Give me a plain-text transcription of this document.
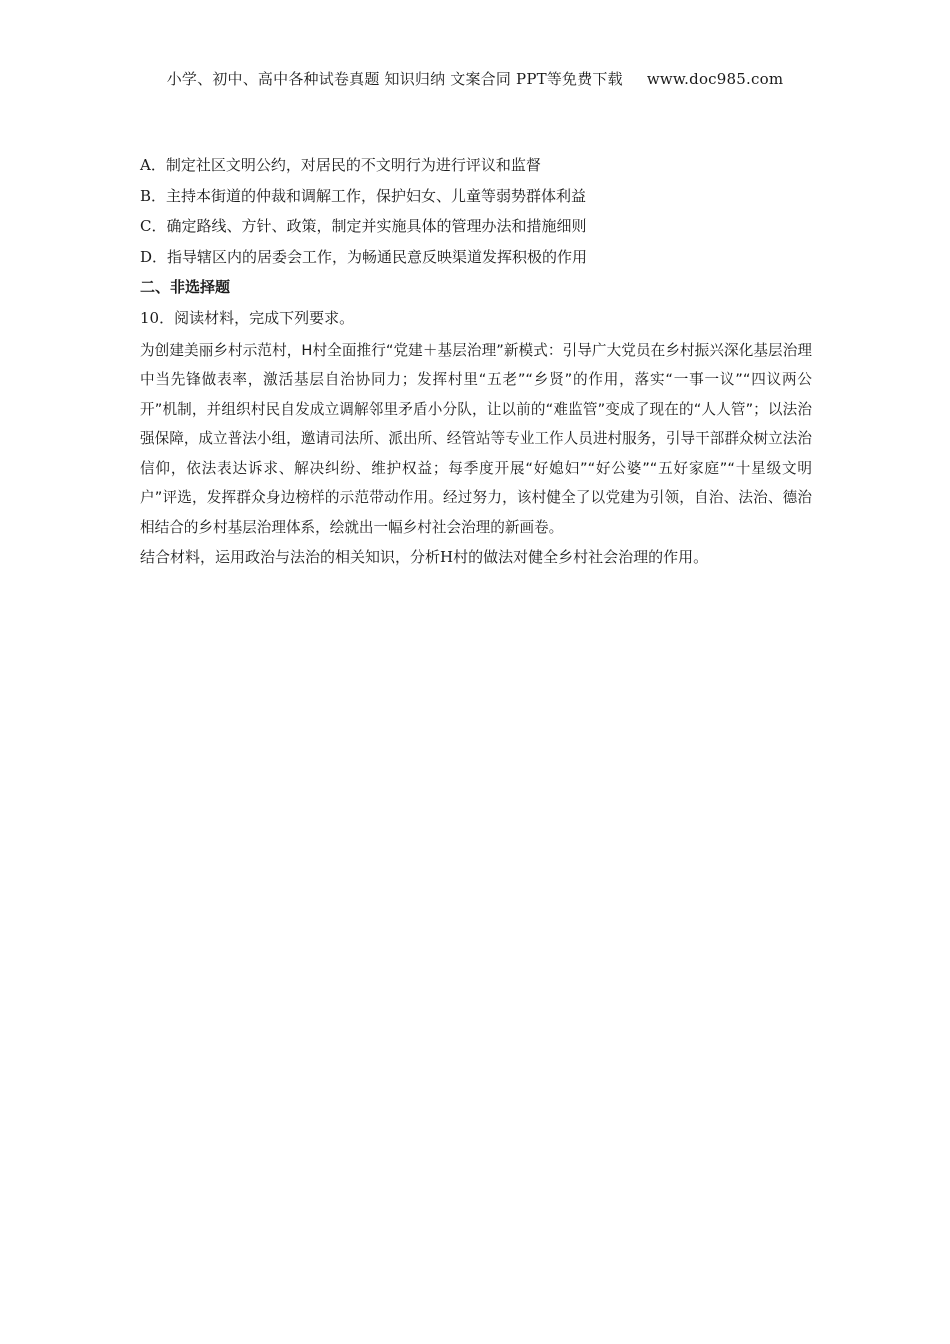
小学、初中、高中各种试卷真题 知识归纳 文案合同 PPT等免费下载 www.doc985.com
A．制定社区文明公约，对居民的不文明行为进行评议和监督
B．主持本街道的仲裁和调解工作，保护妇女、儿童等弱势群体利益
C．确定路线、方针、政策，制定并实施具体的管理办法和措施细则
D．指导辖区内的居委会工作，为畅通民意反映渠道发挥积极的作用
二、非选择题
10．阅读材料，完成下列要求。
为创建美丽乡村示范村，H村全面推行“党建＋基层治理”新模式：引导广大党员在乡村振兴深化基层治理中当先锋做表率，激活基层自治协同力；发挥村里“五老”“乡贤”的作用，落实“一事一议”“四议两公开”机制，并组织村民自发成立调解邻里矛盾小分队，让以前的“难监管”变成了现在的“人人管”；以法治强保障，成立普法小组，邀请司法所、派出所、经管站等专业工作人员进村服务，引导干部群众树立法治信仰，依法表达诉求、解决纠纷、维护权益；每季度开展“好媳妇”“好公婆”“五好家庭”“十星级文明户”评选，发挥群众身边榜样的示范带动作用。经过努力，该村健全了以党建为引领，自治、法治、德治相结合的乡村基层治理体系，绘就出一幅乡村社会治理的新画卷。
结合材料，运用政治与法治的相关知识，分析H村的做法对健全乡村社会治理的作用。
